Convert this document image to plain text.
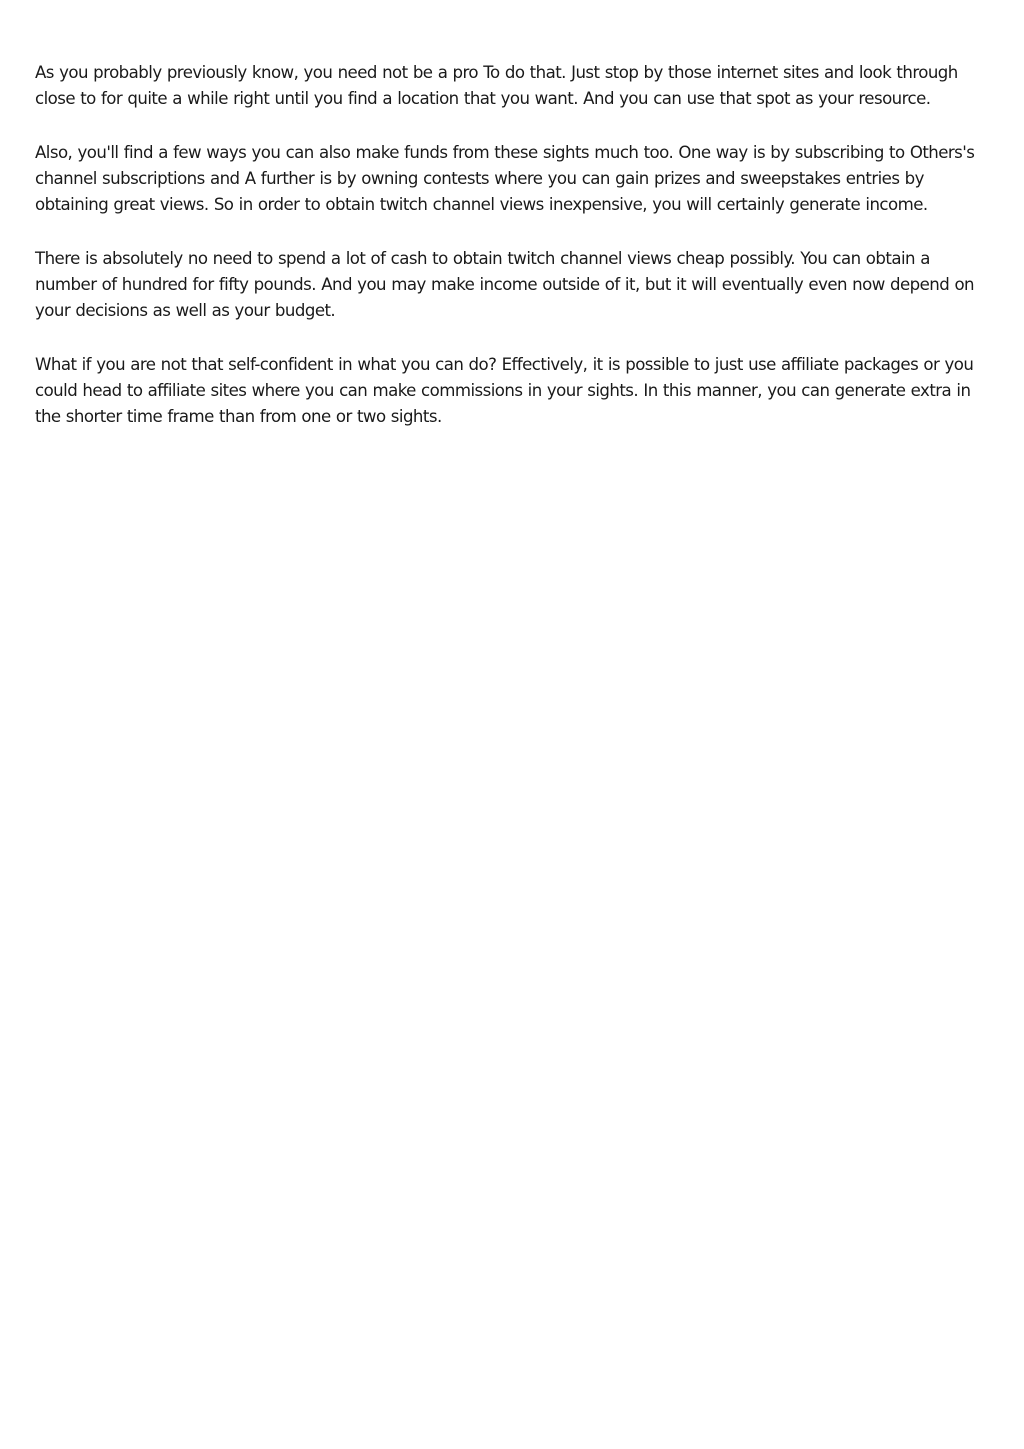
As you probably previously know, you need not be a pro To do that. Just stop by those internet sites and look through close to for quite a while right until you find a location that you want. And you can use that spot as your resource.

Also, you'll find a few ways you can also make funds from these sights much too. One way is by subscribing to Others's channel subscriptions and A further is by owning contests where you can gain prizes and sweepstakes entries by obtaining great views. So in order to obtain twitch channel views inexpensive, you will certainly generate income.

There is absolutely no need to spend a lot of cash to obtain twitch channel views cheap possibly. You can obtain a number of hundred for fifty pounds. And you may make income outside of it, but it will eventually even now depend on your decisions as well as your budget.

What if you are not that self-confident in what you can do? Effectively, it is possible to just use affiliate packages or you could head to affiliate sites where you can make commissions in your sights. In this manner, you can generate extra in the shorter time frame than from one or two sights.
